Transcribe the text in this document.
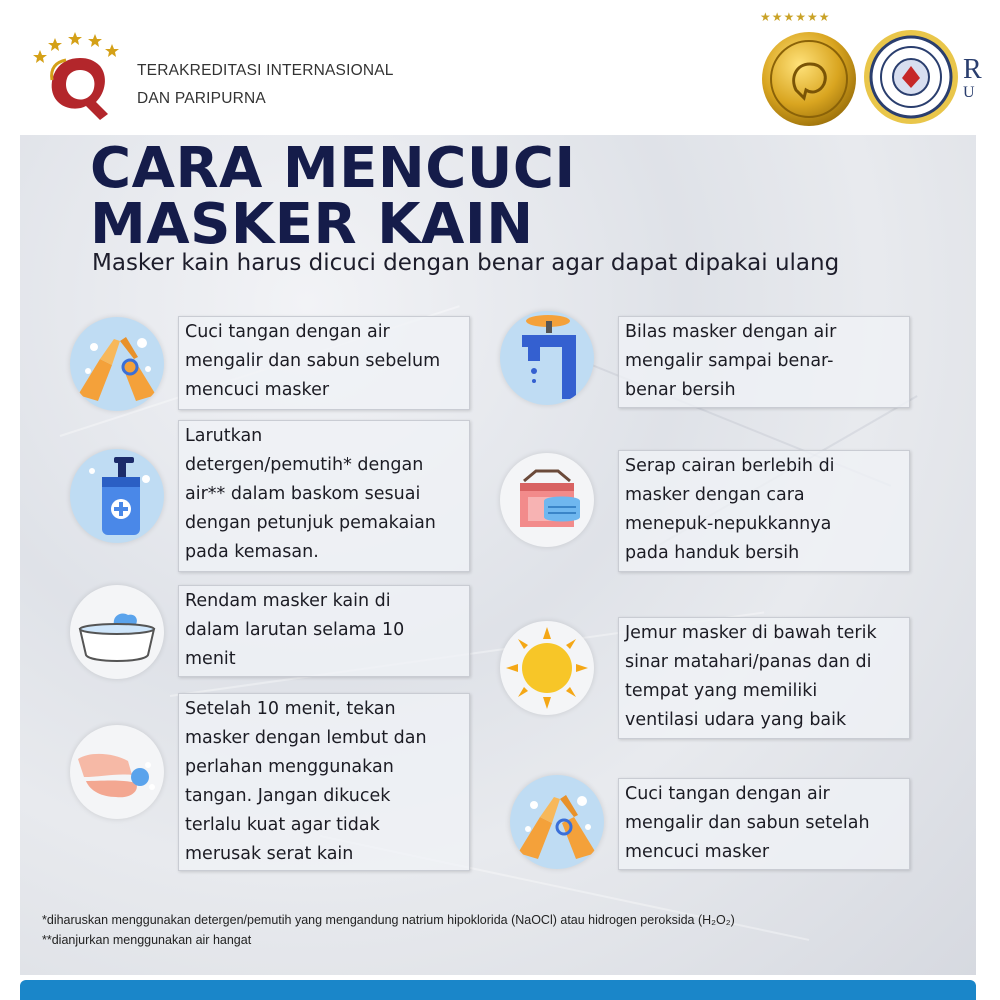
TERAKREDITASI INTERNASIONAL
DAN PARIPURNA
★★★★★★
R
U
CARA MENCUCI
MASKER KAIN
Masker kain harus dicuci dengan benar agar dapat dipakai ulang
Cuci tangan dengan air
mengalir dan sabun sebelum
mencuci masker
Larutkan
detergen/pemutih* dengan
air** dalam baskom sesuai
dengan petunjuk pemakaian
pada kemasan.
Rendam masker kain di
dalam larutan selama 10
menit
Setelah 10 menit, tekan
masker dengan lembut dan
perlahan menggunakan
tangan. Jangan dikucek
terlalu kuat agar tidak
merusak serat kain
Bilas masker dengan air
mengalir sampai benar-
benar bersih
Serap cairan berlebih di
masker dengan cara
menepuk-nepukkannya
pada handuk bersih
Jemur masker di bawah terik
sinar matahari/panas dan di
tempat yang memiliki
ventilasi udara yang baik
Cuci tangan dengan air
mengalir dan sabun setelah
mencuci masker
*diharuskan menggunakan detergen/pemutih yang mengandung natrium hipoklorida (NaOCl) atau hidrogen peroksida (H₂O₂)
**dianjurkan menggunakan air hangat
